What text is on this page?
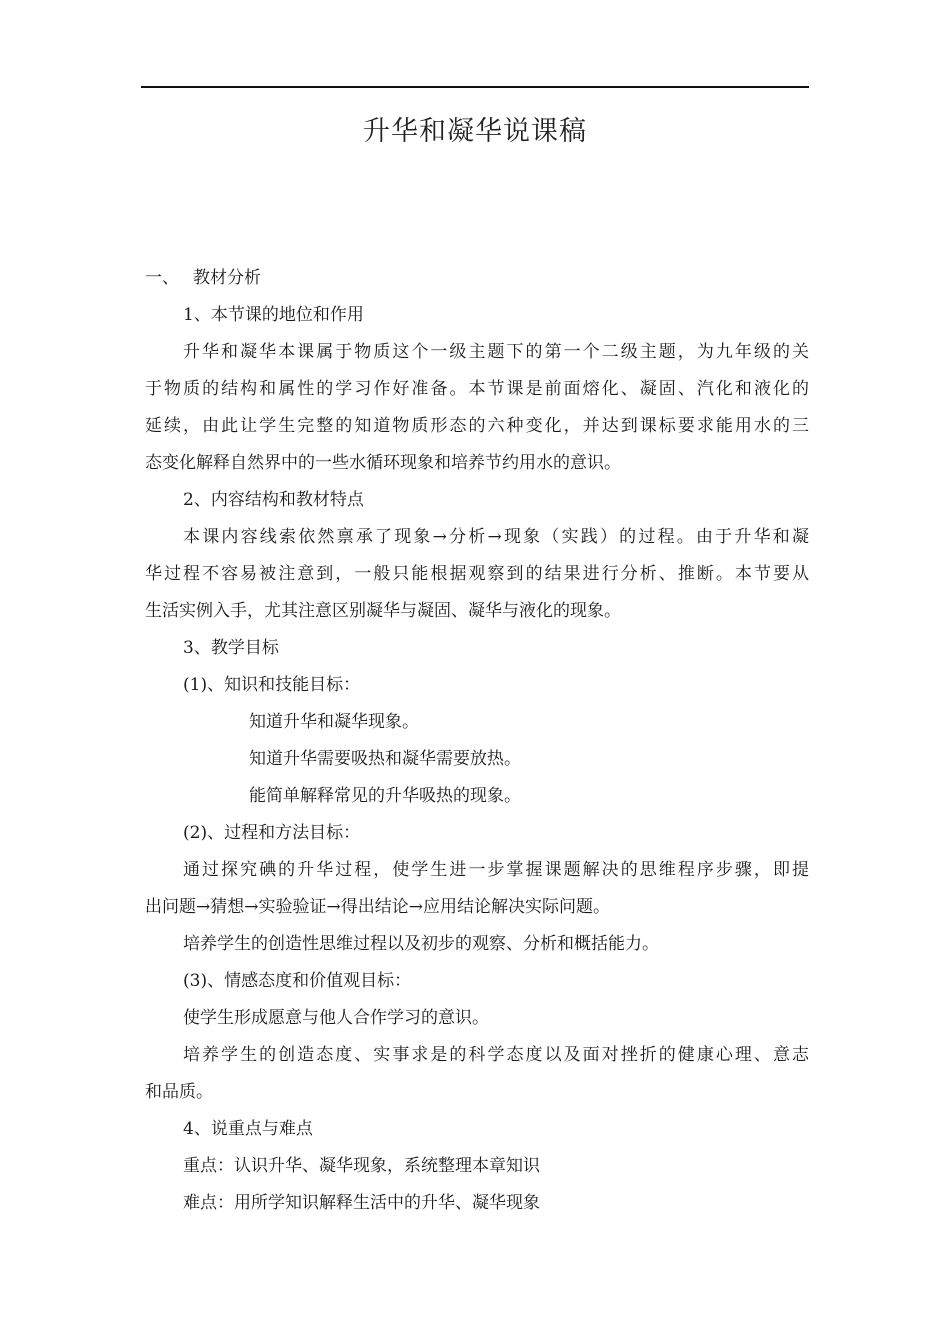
升华和凝华说课稿

一、 教材分析

1、本节课的地位和作用

升华和凝华本课属于物质这个一级主题下的第一个二级主题，为九年级的关

于物质的结构和属性的学习作好准备。本节课是前面熔化、凝固、汽化和液化的

延续，由此让学生完整的知道物质形态的六种变化，并达到课标要求能用水的三

态变化解释自然界中的一些水循环现象和培养节约用水的意识。

2、内容结构和教材特点

本课内容线索依然禀承了现象→分析→现象（实践）的过程。由于升华和凝

华过程不容易被注意到，一般只能根据观察到的结果进行分析、推断。本节要从

生活实例入手，尤其注意区别凝华与凝固、凝华与液化的现象。

3、教学目标

(1)、知识和技能目标：

知道升华和凝华现象。

知道升华需要吸热和凝华需要放热。

能简单解释常见的升华吸热的现象。

(2)、过程和方法目标：

通过探究碘的升华过程，使学生进一步掌握课题解决的思维程序步骤，即提

出问题→猜想→实验验证→得出结论→应用结论解决实际问题。

培养学生的创造性思维过程以及初步的观察、分析和概括能力。

(3)、情感态度和价值观目标：

使学生形成愿意与他人合作学习的意识。

培养学生的创造态度、实事求是的科学态度以及面对挫折的健康心理、意志

和品质。

4、说重点与难点

重点：认识升华、凝华现象，系统整理本章知识

难点：用所学知识解释生活中的升华、凝华现象
